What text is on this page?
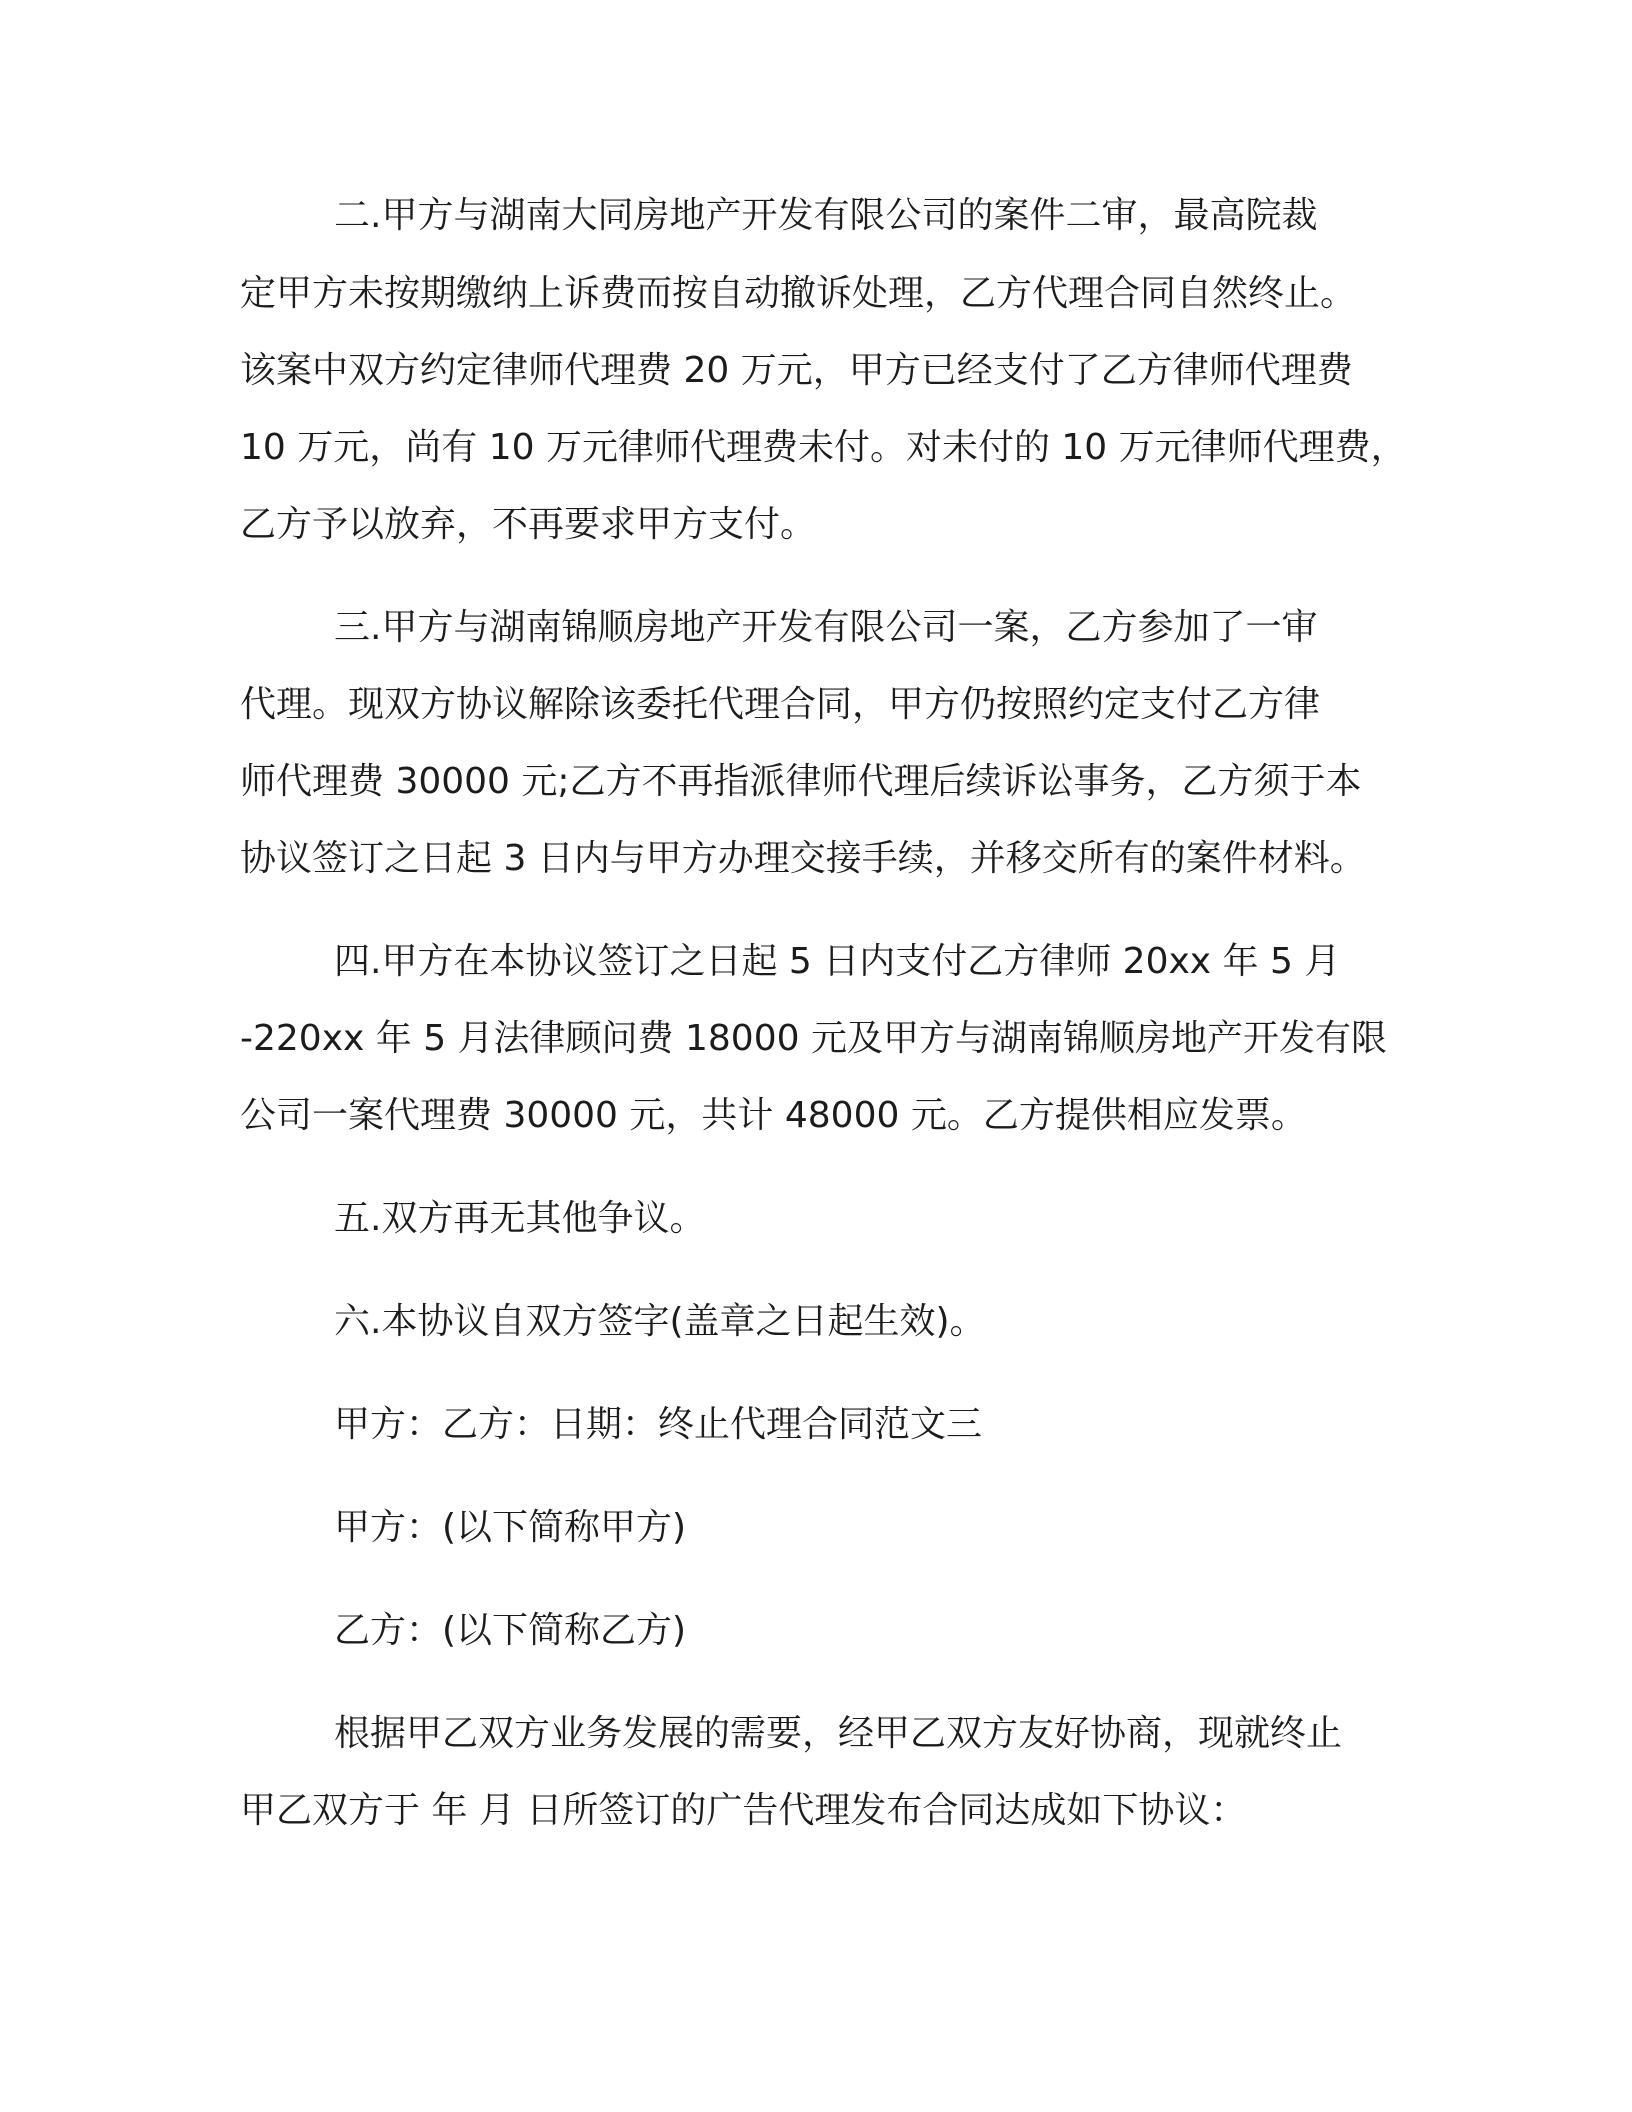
二.甲方与湖南大同房地产开发有限公司的案件二审，最高院裁
定甲方未按期缴纳上诉费而按自动撤诉处理，乙方代理合同自然终止。
该案中双方约定律师代理费 20 万元，甲方已经支付了乙方律师代理费
10 万元，尚有 10 万元律师代理费未付。对未付的 10 万元律师代理费，
乙方予以放弃，不再要求甲方支付。
三.甲方与湖南锦顺房地产开发有限公司一案，乙方参加了一审
代理。现双方协议解除该委托代理合同，甲方仍按照约定支付乙方律
师代理费 30000 元;乙方不再指派律师代理后续诉讼事务，乙方须于本
协议签订之日起 3 日内与甲方办理交接手续，并移交所有的案件材料。
四.甲方在本协议签订之日起 5 日内支付乙方律师 20xx 年 5 月
-220xx 年 5 月法律顾问费 18000 元及甲方与湖南锦顺房地产开发有限
公司一案代理费 30000 元，共计 48000 元。乙方提供相应发票。
五.双方再无其他争议。
六.本协议自双方签字(盖章之日起生效)。
甲方：乙方：日期：终止代理合同范文三
甲方：(以下简称甲方)
乙方：(以下简称乙方)
根据甲乙双方业务发展的需要，经甲乙双方友好协商，现就终止
甲乙双方于 年 月 日所签订的广告代理发布合同达成如下协议：
